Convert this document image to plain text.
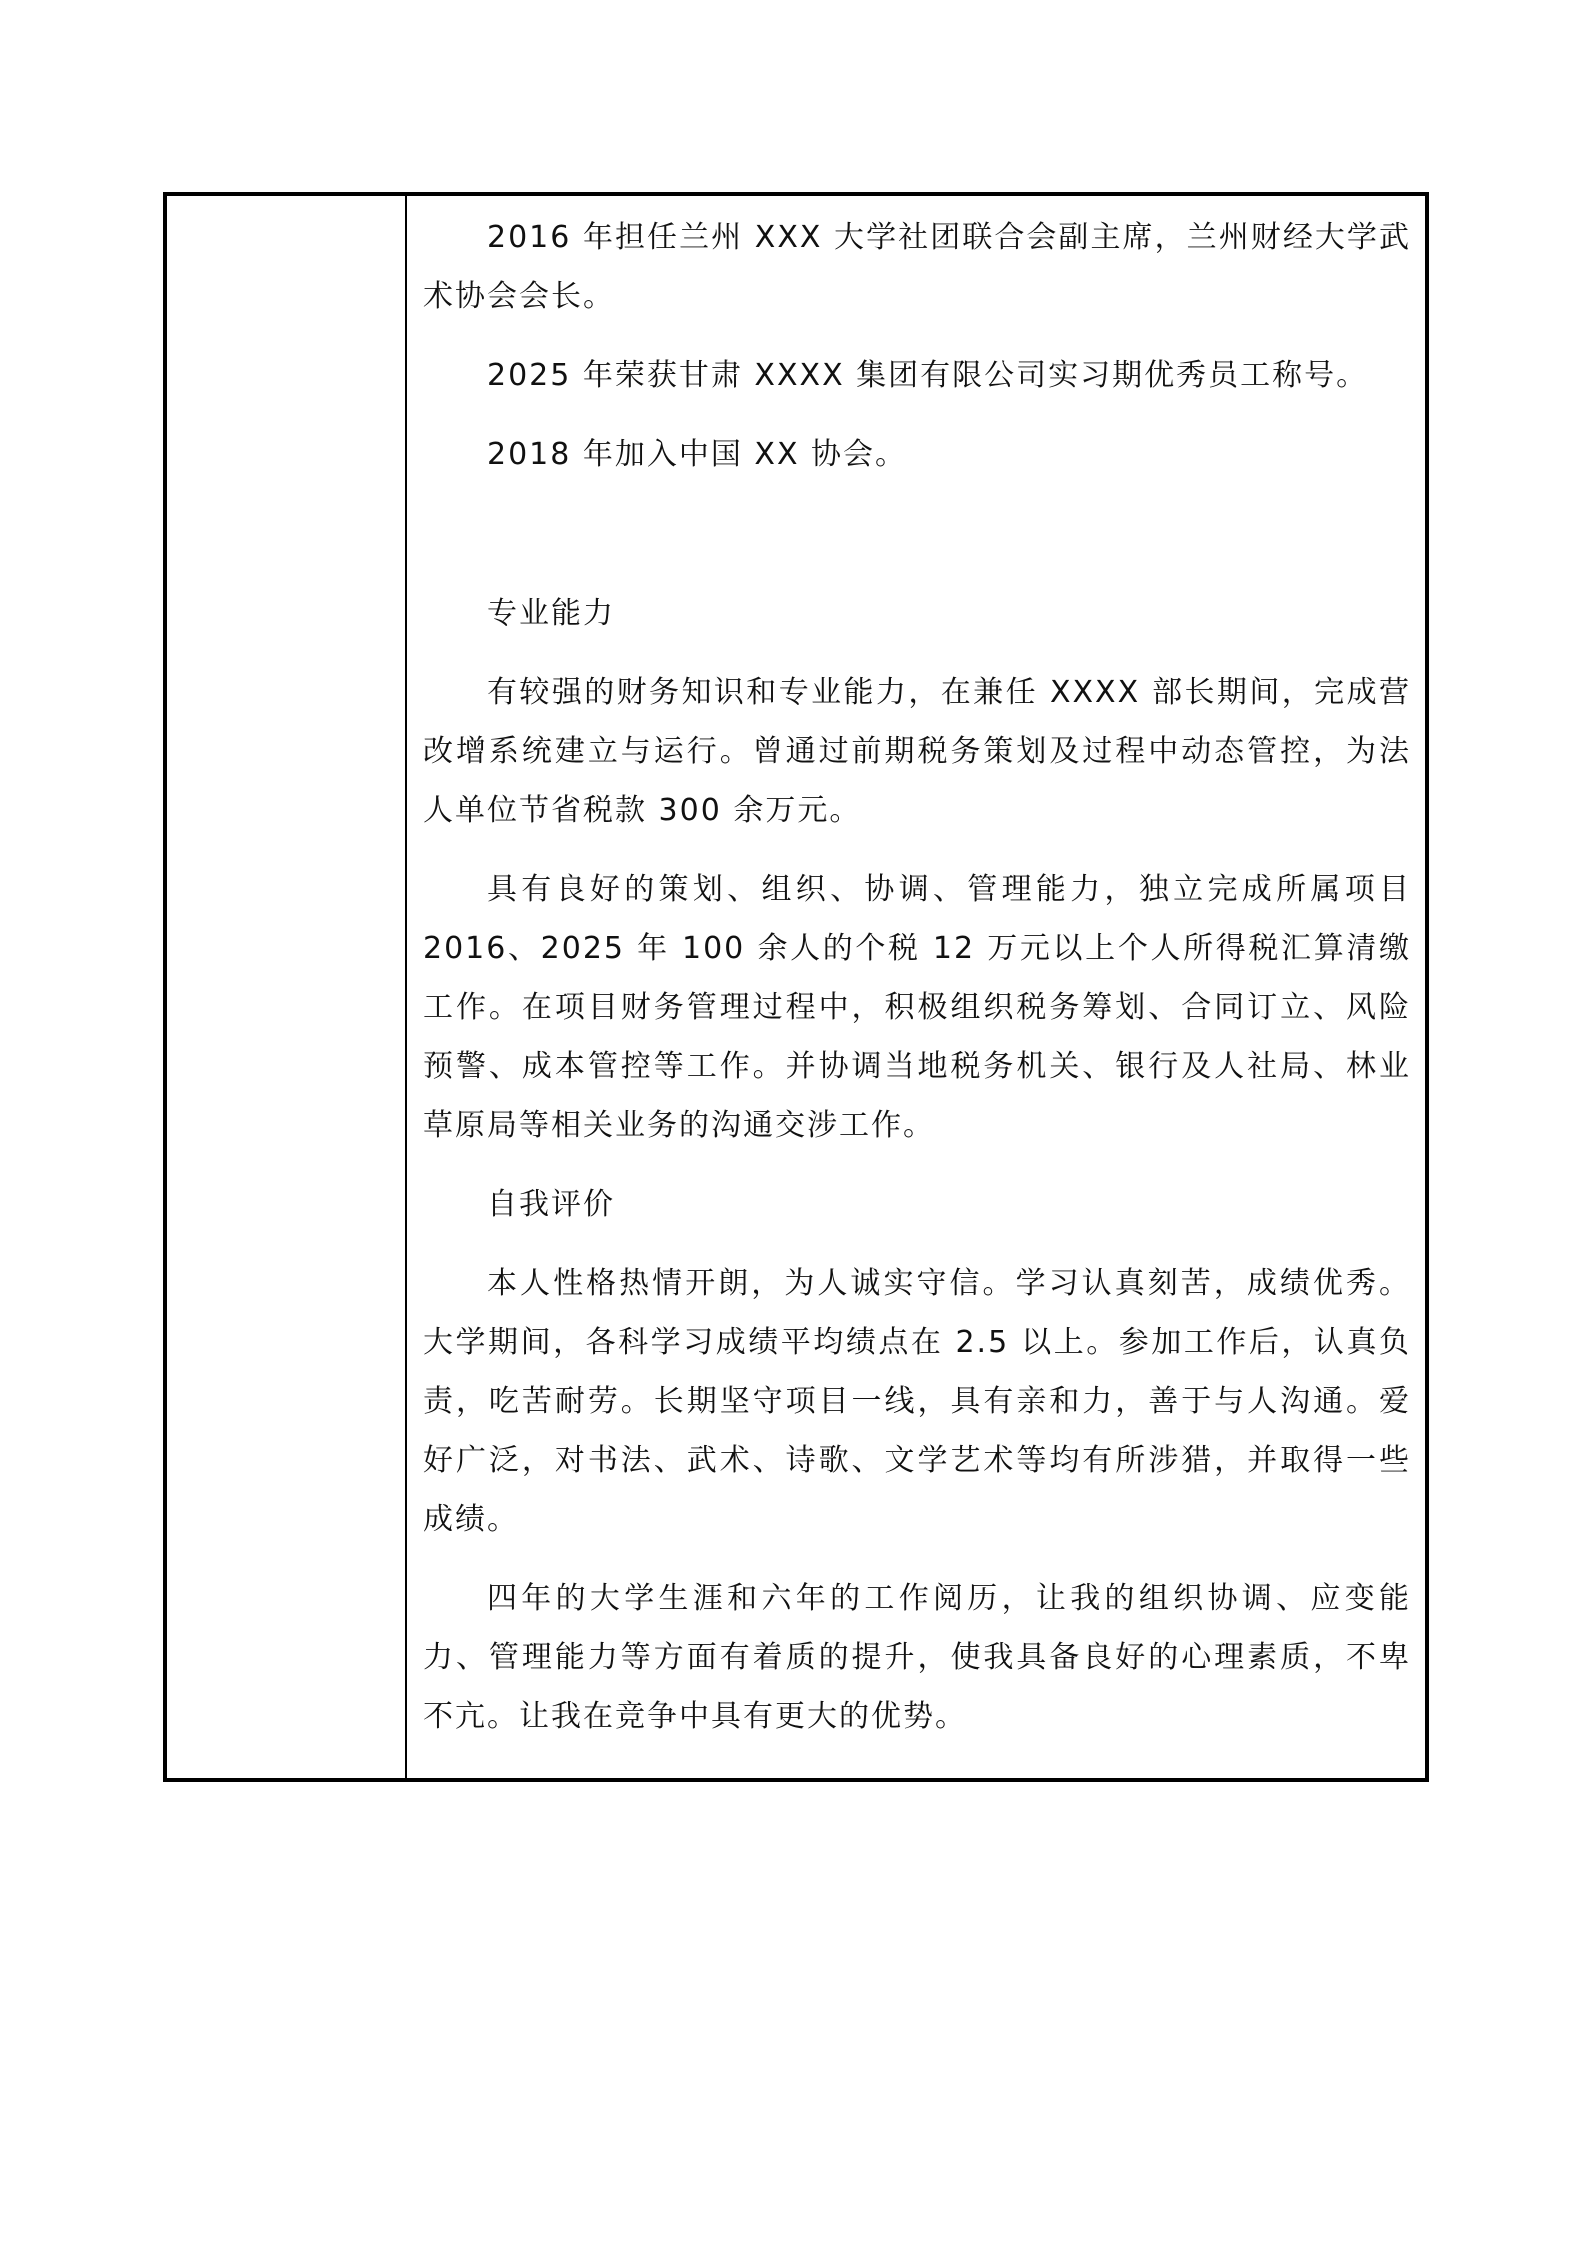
2016 年担任兰州 XXX 大学社团联合会副主席，兰州财经大学武术协会会长。

2025 年荣获甘肃 XXXX 集团有限公司实习期优秀员工称号。

2018 年加入中国 XX 协会。

专业能力

有较强的财务知识和专业能力，在兼任 XXXX 部长期间，完成营改增系统建立与运行。曾通过前期税务策划及过程中动态管控，为法人单位节省税款 300 余万元。

具有良好的策划、组织、协调、管理能力，独立完成所属项目 2016、2025 年 100 余人的个税 12 万元以上个人所得税汇算清缴工作。在项目财务管理过程中，积极组织税务筹划、合同订立、风险预警、成本管控等工作。并协调当地税务机关、银行及人社局、林业草原局等相关业务的沟通交涉工作。

自我评价

本人性格热情开朗，为人诚实守信。学习认真刻苦，成绩优秀。大学期间，各科学习成绩平均绩点在 2.5 以上。参加工作后，认真负责，吃苦耐劳。长期坚守项目一线，具有亲和力，善于与人沟通。爱好广泛，对书法、武术、诗歌、文学艺术等均有所涉猎，并取得一些成绩。

四年的大学生涯和六年的工作阅历，让我的组织协调、应变能力、管理能力等方面有着质的提升，使我具备良好的心理素质，不卑不亢。让我在竞争中具有更大的优势。
